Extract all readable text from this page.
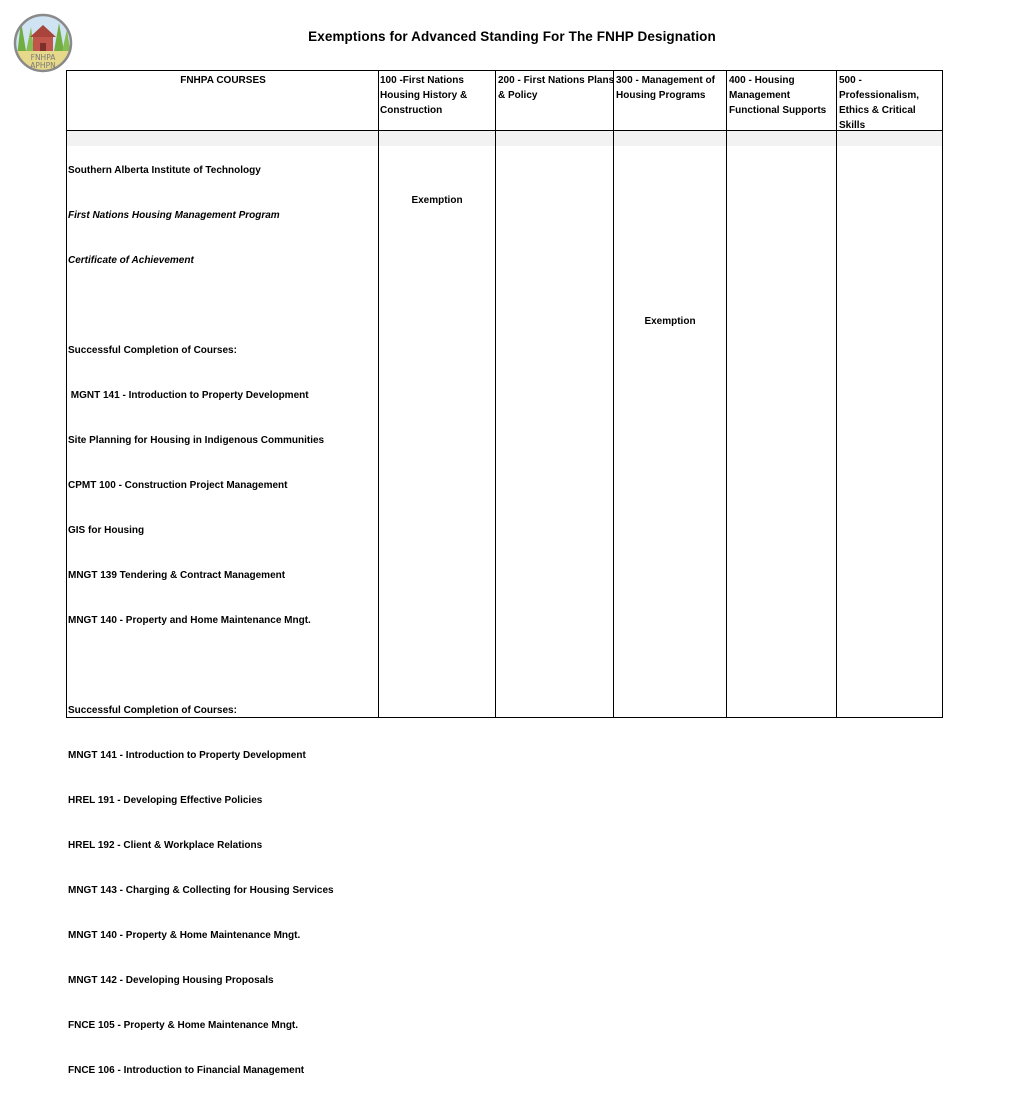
FNHPA
APHPN
Exemptions for Advanced Standing For The FNHP Designation
FNHPA COURSES	100 -First Nations
Housing History &
Construction
200 - First Nations Plans
& Policy
300 - Management of
Housing Programs
400 - Housing
Management
Functional Supports
500 -
Professionalism,
Ethics & Critical Skills

Southern Alberta Institute of Technology

First Nations Housing Management Program

Certificate of Achievement

Successful Completion of Courses:

MGNT 141 - Introduction to Property Development

Site Planning for Housing in Indigenous Communities

CPMT 100 - Construction Project Management

GIS for Housing

MNGT 139 Tendering & Contract Management

MNGT 140 - Property and Home Maintenance Mngt.

Successful Completion of Courses:

MNGT 141 - Introduction to Property Development

HREL 191 - Developing Effective Policies

HREL 192 - Client & Workplace Relations

MNGT 143 - Charging & Collecting for Housing Services

MNGT 140 - Property & Home Maintenance Mngt.

MNGT 142 - Developing Housing Proposals

FNCE 105 - Property & Home Maintenance Mngt.

FNCE 106 - Introduction to Financial Management

Exemption
Exemption
